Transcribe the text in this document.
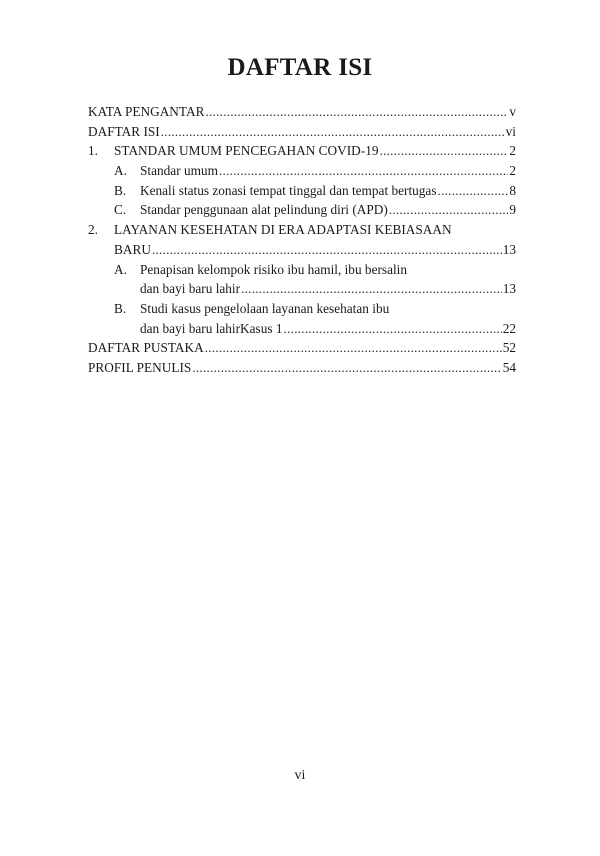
DAFTAR ISI
KATA PENGANTAR .....	v
DAFTAR ISI .....	vi
1. STANDAR UMUM PENCEGAHAN COVID-19 .....	2
A. Standar umum .....	2
B. Kenali status zonasi tempat tinggal dan tempat bertugas .....	8
C. Standar penggunaan alat pelindung diri (APD) .....	9
2. LAYANAN KESEHATAN DI ERA ADAPTASI KEBIASAAN
BARU .....	13
A. Penapisan kelompok risiko ibu hamil, ibu bersalin
dan bayi baru lahir .....	13
B. Studi kasus pengelolaan layanan kesehatan ibu
dan bayi baru lahirKasus 1 .....	22
DAFTAR PUSTAKA .....	52
PROFIL PENULIS .....	54
vi
